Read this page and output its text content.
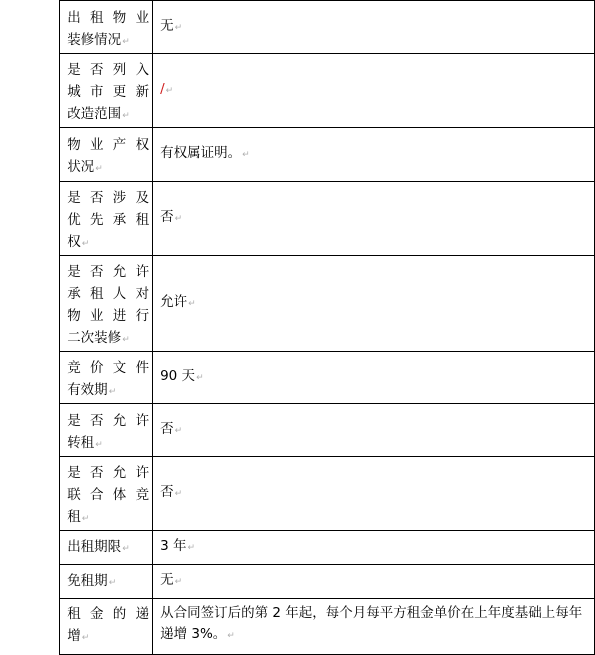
	出租物业
装修情况↵	无↵

	是否列入
城市更新
改造范围↵	/↵

	物业产权
状况↵	有权属证明。↵

	是否涉及
优先承租
权↵	否↵

	是否允许
承租人对
物业进行
二次装修↵	允许↵

	竞价文件
有效期↵	90 天↵

	是否允许
转租↵	否↵

	是否允许
联合体竞
租↵	否↵
	出租期限↵	3 年↵
	免租期↵	无↵

	租金的递
增↵	从合同签订后的第 2 年起，每个月每平方租金单价在上年度基础上每年递增 3%。↵
